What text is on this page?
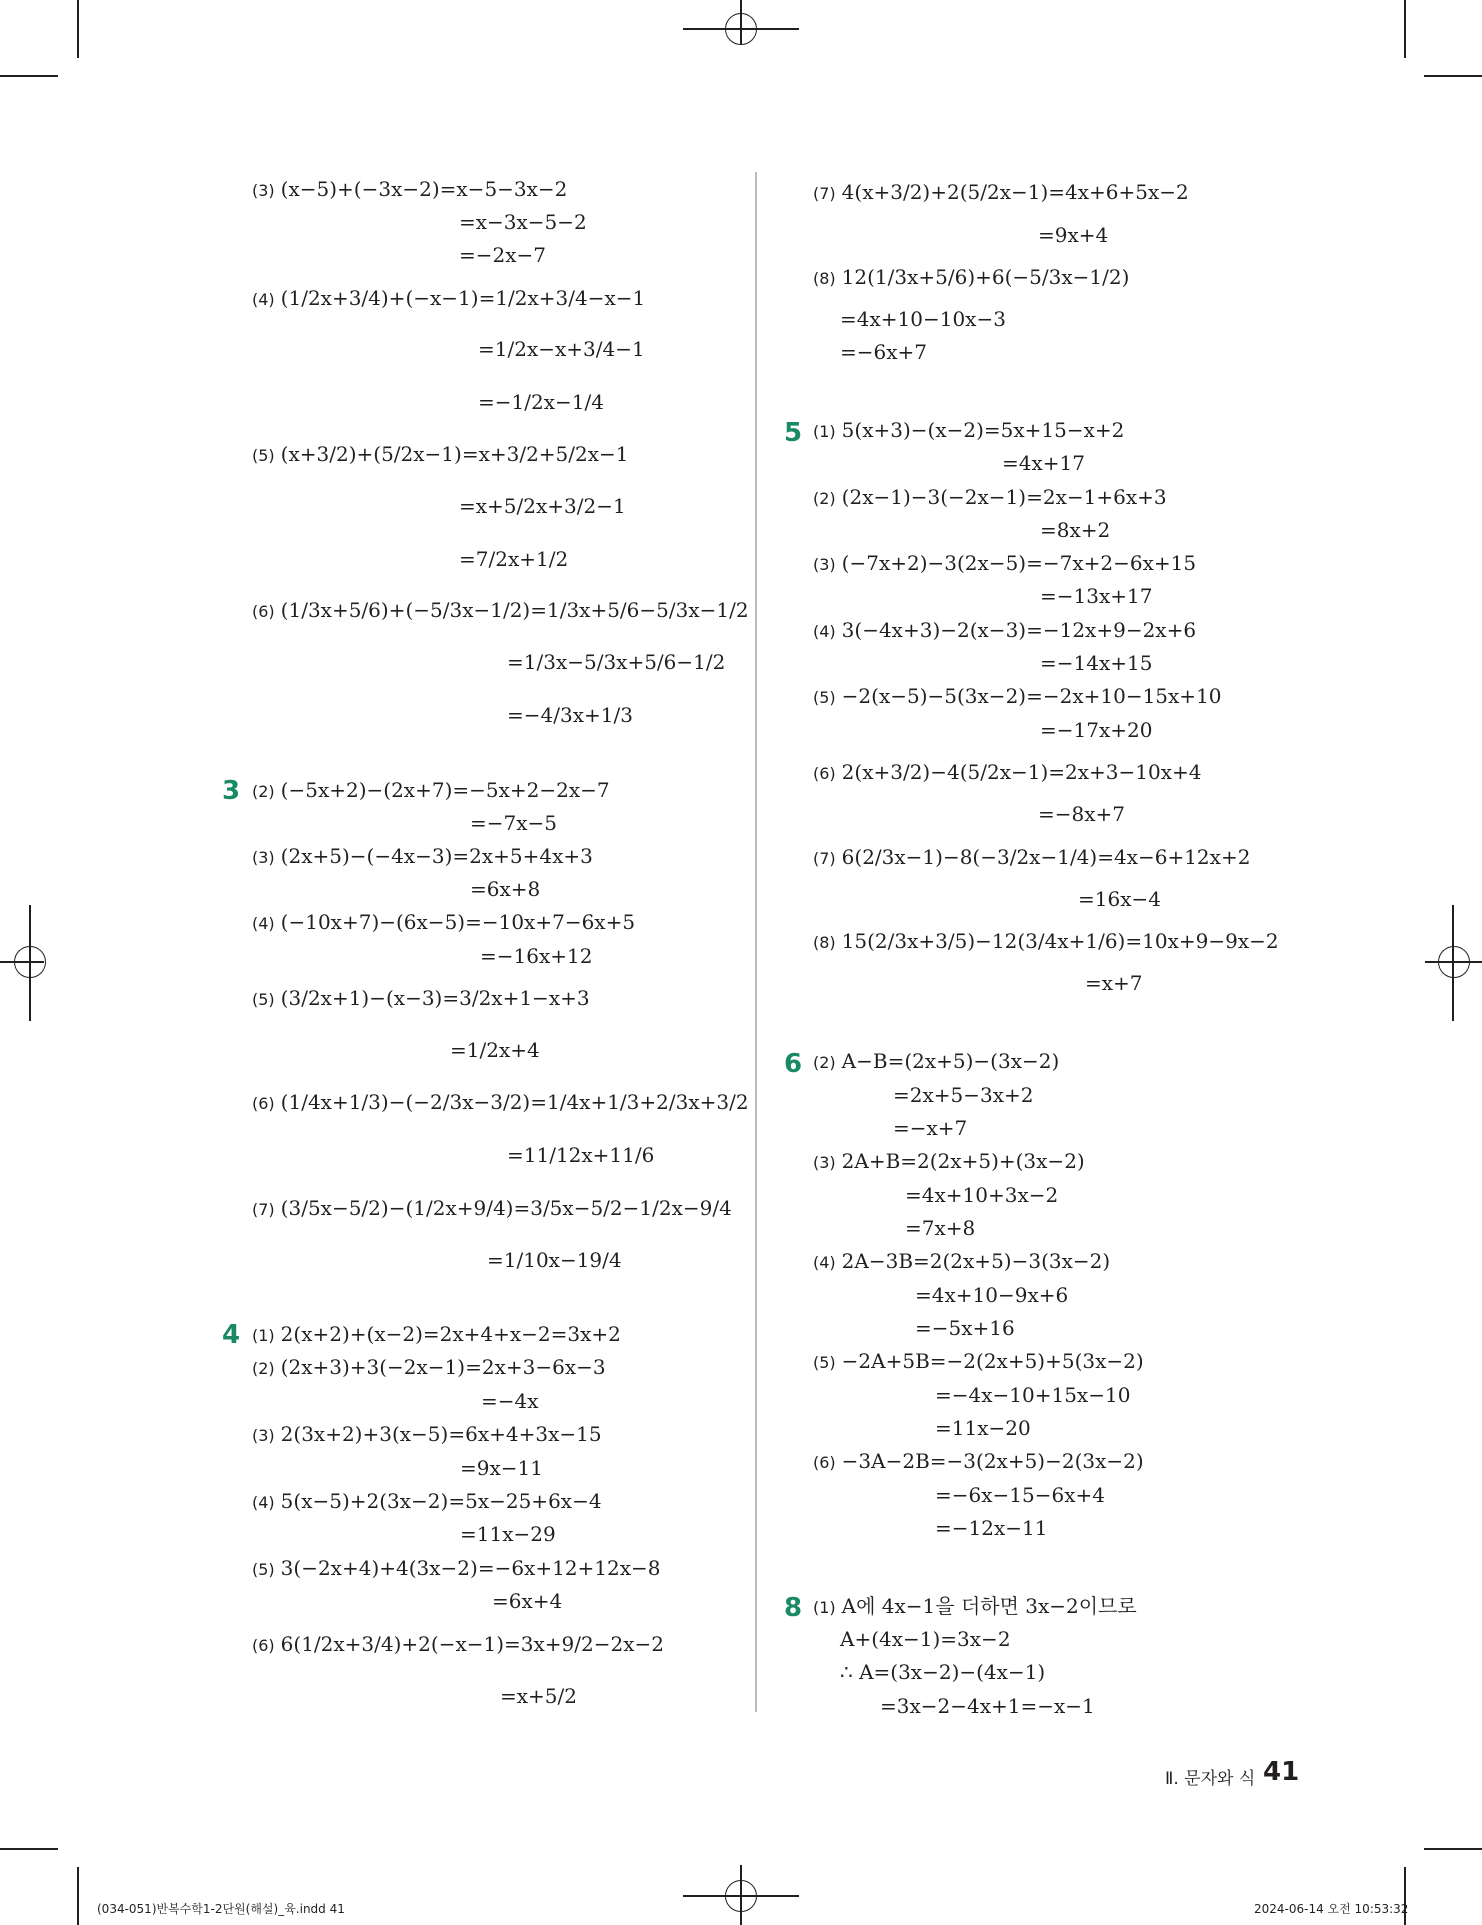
3
4
5
6
8
(3) (x−5)+(−3x−2)=x−5−3x−2
=x−3x−5−2
=−2x−7
(4) (1/2x+3/4)+(−x−1)=1/2x+3/4−x−1
=1/2x−x+3/4−1
=−1/2x−1/4
(5) (x+3/2)+(5/2x−1)=x+3/2+5/2x−1
=x+5/2x+3/2−1
=7/2x+1/2
(6) (1/3x+5/6)+(−5/3x−1/2)=1/3x+5/6−5/3x−1/2
=1/3x−5/3x+5/6−1/2
=−4/3x+1/3
(2) (−5x+2)−(2x+7)=−5x+2−2x−7
=−7x−5
(3) (2x+5)−(−4x−3)=2x+5+4x+3
=6x+8
(4) (−10x+7)−(6x−5)=−10x+7−6x+5
=−16x+12
(5) (3/2x+1)−(x−3)=3/2x+1−x+3
=1/2x+4
(6) (1/4x+1/3)−(−2/3x−3/2)=1/4x+1/3+2/3x+3/2
=11/12x+11/6
(7) (3/5x−5/2)−(1/2x+9/4)=3/5x−5/2−1/2x−9/4
=1/10x−19/4
(1) 2(x+2)+(x−2)=2x+4+x−2=3x+2
(2) (2x+3)+3(−2x−1)=2x+3−6x−3
=−4x
(3) 2(3x+2)+3(x−5)=6x+4+3x−15
=9x−11
(4) 5(x−5)+2(3x−2)=5x−25+6x−4
=11x−29
(5) 3(−2x+4)+4(3x−2)=−6x+12+12x−8
=6x+4
(6) 6(1/2x+3/4)+2(−x−1)=3x+9/2−2x−2
=x+5/2
(7) 4(x+3/2)+2(5/2x−1)=4x+6+5x−2
=9x+4
(8) 12(1/3x+5/6)+6(−5/3x−1/2)
=4x+10−10x−3
=−6x+7
(1) 5(x+3)−(x−2)=5x+15−x+2
=4x+17
(2) (2x−1)−3(−2x−1)=2x−1+6x+3
=8x+2
(3) (−7x+2)−3(2x−5)=−7x+2−6x+15
=−13x+17
(4) 3(−4x+3)−2(x−3)=−12x+9−2x+6
=−14x+15
(5) −2(x−5)−5(3x−2)=−2x+10−15x+10
=−17x+20
(6) 2(x+3/2)−4(5/2x−1)=2x+3−10x+4
=−8x+7
(7) 6(2/3x−1)−8(−3/2x−1/4)=4x−6+12x+2
=16x−4
(8) 15(2/3x+3/5)−12(3/4x+1/6)=10x+9−9x−2
=x+7
(2) A−B=(2x+5)−(3x−2)
=2x+5−3x+2
=−x+7
(3) 2A+B=2(2x+5)+(3x−2)
=4x+10+3x−2
=7x+8
(4) 2A−3B=2(2x+5)−3(3x−2)
=4x+10−9x+6
=−5x+16
(5) −2A+5B=−2(2x+5)+5(3x−2)
=−4x−10+15x−10
=11x−20
(6) −3A−2B=−3(2x+5)−2(3x−2)
=−6x−15−6x+4
=−12x−11
(1) A에 4x−1을 더하면 3x−2이므로
A+(4x−1)=3x−2
∴ A=(3x−2)−(4x−1)
=3x−2−4x+1=−x−1
Ⅱ. 문자와 식 41
(034-051)반복수학1-2단원(해설)_육.indd 41	2024-06-14 오전 10:53:32
